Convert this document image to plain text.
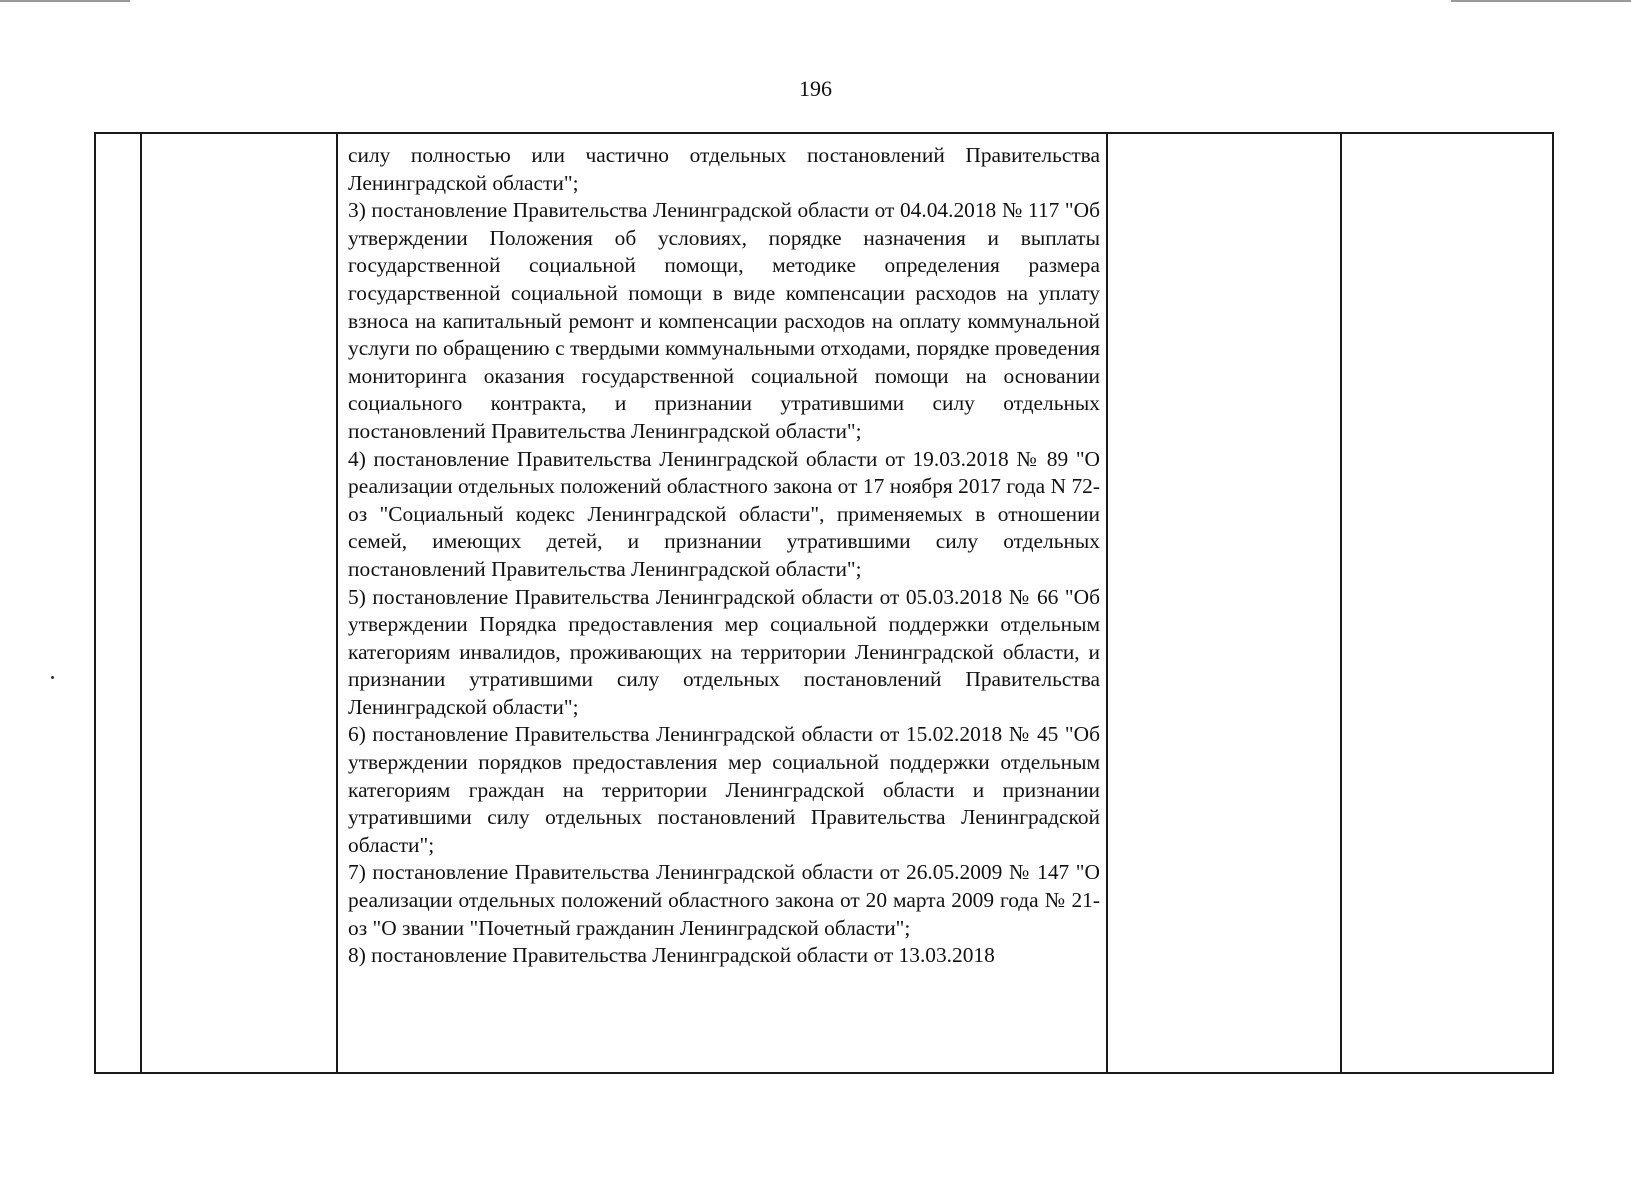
196

силу полностью или частично отдельных постановлений Правительства Ленинградской области";

3) постановление Правительства Ленинградской области от 04.04.2018 № 117 "Об утверждении Положения об условиях, порядке назначения и выплаты государственной социальной помощи, методике определения размера государственной социальной помощи в виде компенсации расходов на уплату взноса на капитальный ремонт и компенсации расходов на оплату коммунальной услуги по обращению с твердыми коммунальными отходами, порядке проведения мониторинга оказания государственной социальной помощи на основании социального контракта, и признании утратившими силу отдельных постановлений Правительства Ленинградской области";

4) постановление Правительства Ленинградской области от 19.03.2018 № 89 "О реализации отдельных положений областного закона от 17 ноября 2017 года N 72-оз "Социальный кодекс Ленинградской области", применяемых в отношении семей, имеющих детей, и признании утратившими силу отдельных постановлений Правительства Ленинградской области";

5) постановление Правительства Ленинградской области от 05.03.2018 № 66 "Об утверждении Порядка предоставления мер социальной поддержки отдельным категориям инвалидов, проживающих на территории Ленинградской области, и признании утратившими силу отдельных постановлений Правительства Ленинградской области";

6) постановление Правительства Ленинградской области от 15.02.2018 № 45 "Об утверждении порядков предоставления мер социальной поддержки отдельным категориям граждан на территории Ленинградской области и признании утратившими силу отдельных постановлений Правительства Ленинградской области";

7) постановление Правительства Ленинградской области от 26.05.2009 № 147 "О реализации отдельных положений областного закона от 20 марта 2009 года № 21-оз "О звании "Почетный гражданин Ленинградской области";

8) постановление Правительства Ленинградской области от 13.03.2018
